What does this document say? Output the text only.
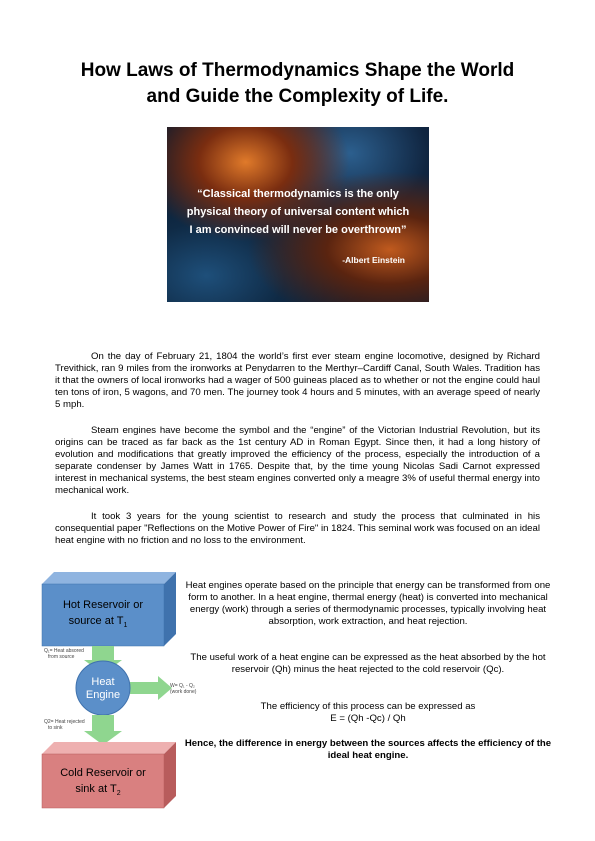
How Laws of Thermodynamics Shape the World
and Guide the Complexity of Life.
“Classical thermodynamics is the only
physical theory of universal content which
I am convinced will never be overthrown”
-Albert Einstein
On the day of February 21, 1804 the world’s first ever steam engine locomotive, designed by Richard Trevithick, ran 9 miles from the ironworks at Penydarren to the Merthyr–Cardiff Canal, South Wales. Tradition has it that the owners of local ironworks had a wager of 500 guineas placed as to whether or not the engine could haul ten tons of iron, 5 wagons, and 70 men. The journey took 4 hours and 5 minutes, with an average speed of nearly 5 mph.
Steam engines have become the symbol and the “engine” of the Victorian Industrial Revolution, but its origins can be traced as far back as the 1st century AD in Roman Egypt. Since then, it had a long history of evolution and modifications that greatly improved the efficiency of the process, especially the introduction of a separate condenser by James Watt in 1765. Despite that, by the time young Nicolas Sadi Carnot expressed interest in mechanical systems, the best steam engines converted only a meagre 3% of useful thermal energy into mechanical work.
It took 3 years for the young scientist to research and study the process that culminated in his consequential paper "Reflections on the Motive Power of Fire" in 1824. This seminal work was focused on an ideal heat engine with no friction and no loss to the environment.
Hot Reservoir or
source at $T_1$
Q₁= Heat absored
from source
W= Q₁ - Q₂
(work done)
Heat
Engine
Q2= Heat rejected
to sink
Cold Reservoir or
sink at $T_2$
Heat engines operate based on the principle that energy can be transformed from one form to another. In a heat engine, thermal energy (heat) is converted into mechanical energy (work) through a series of thermodynamic processes, typically involving heat absorption, work extraction, and heat rejection.
The useful work of a heat engine can be expressed as the heat absorbed by the hot reservoir (Qh) minus the heat rejected to the cold reservoir (Qc).
The efficiency of this process can be expressed as
E = (Qh -Qc) / Qh
Hence, the difference in energy between the sources affects the efficiency of the ideal heat engine.
